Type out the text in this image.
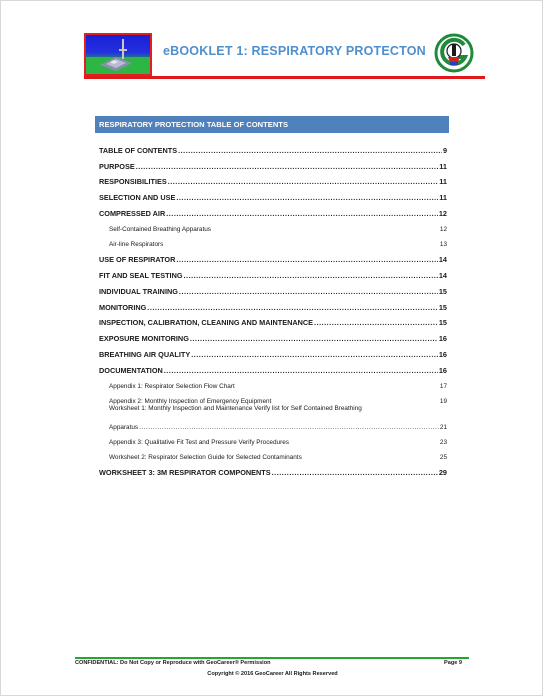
eBOOKLET 1: RESPIRATORY PROTECTON
RESPIRATORY PROTECTION TABLE OF CONTENTS
TABLE OF CONTENTS .....	9
PURPOSE .....	11
RESPONSIBILITIES .....	11
SELECTION AND USE .....	11
COMPRESSED AIR .....	12
Self-Contained Breathing Apparatus	12
Air-line Respirators	13
USE OF RESPIRATOR .....	14
FIT AND SEAL TESTING .....	14
INDIVIDUAL TRAINING .....	15
MONITORING .....	15
INSPECTION, CALIBRATION, CLEANING AND MAINTENANCE .....	15
EXPOSURE MONITORING .....	16
BREATHING AIR QUALITY .....	16
DOCUMENTATION .....	16
Appendix 1: Respirator Selection Flow Chart	17
Appendix 2: Monthly Inspection of Emergency Equipment	19
Worksheet 1: Monthly Inspection and Maintenance Verify list for Self Contained Breathing
Apparatus .....	21
Appendix 3: Qualitative Fit Test and Pressure Verify Procedures	23
Worksheet 2: Respirator Selection Guide for Selected Contaminants	25
WORKSHEET 3: 3M RESPIRATOR COMPONENTS .....	29
CONFIDENTIAL: Do Not Copy or Reproduce with GeoCareer® Permission	Page 9
Copyright © 2016 GeoCareer All Rights Reserved
